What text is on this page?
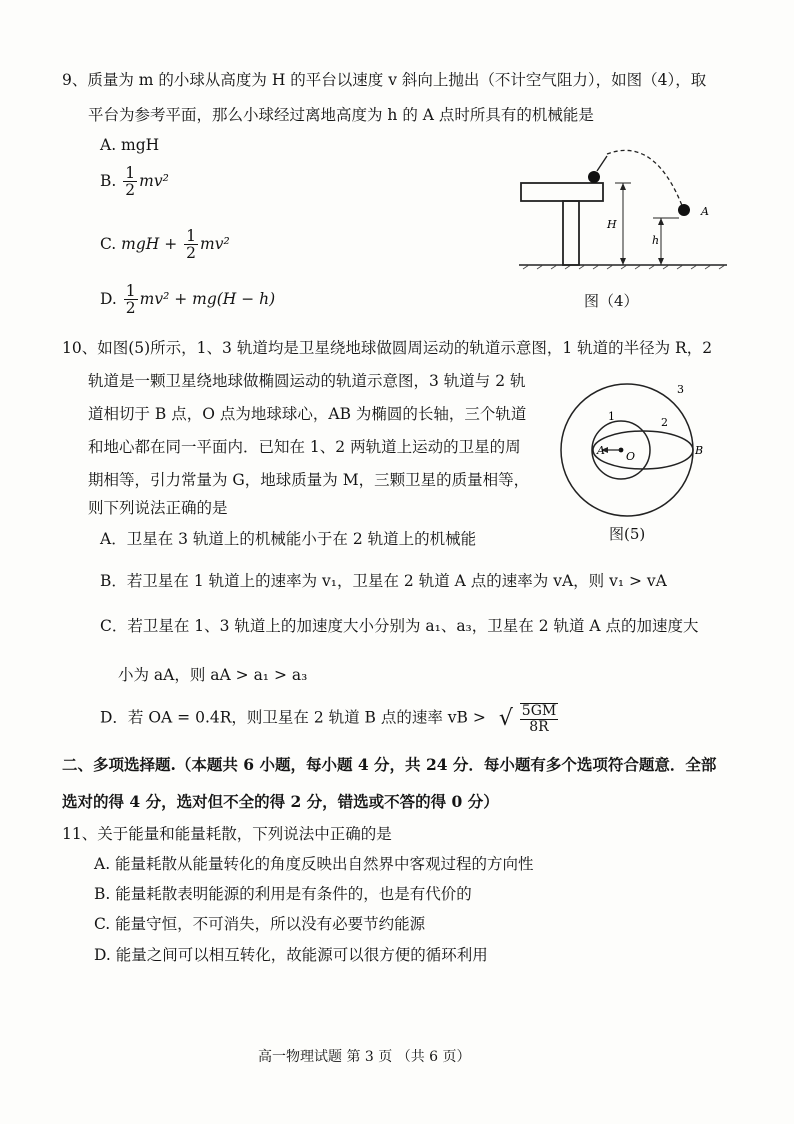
9、质量为 m 的小球从高度为 H 的平台以速度 v 斜向上抛出（不计空气阻力），如图（4），取
平台为参考平面，那么小球经过离地高度为 h 的 A 点时所具有的机械能是
A. mgH
B. $\frac{1}{2} mv^2$
C. mgH + $\frac{1}{2} mv^2$
D. $\frac{1}{2} mv^2 + mg(H - h)$
H
h
A
图（4）
10、如图(5)所示，1、3 轨道均是卫星绕地球做圆周运动的轨道示意图，1 轨道的半径为 R，2
轨道是一颗卫星绕地球做椭圆运动的轨道示意图，3 轨道与 2 轨
道相切于 B 点，O 点为地球球心，AB 为椭圆的长轴，三个轨道
和地心都在同一平面内．已知在 1、2 两轨道上运动的卫星的周
期相等，引力常量为 G，地球质量为 M，三颗卫星的质量相等，
则下列说法正确的是
1	2
3
A O	B
图(5)
A．卫星在 3 轨道上的机械能小于在 2 轨道上的机械能
B．若卫星在 1 轨道上的速率为 v₁，卫星在 2 轨道 A 点的速率为 vA，则 v₁ > vA
C．若卫星在 1、3 轨道上的加速度大小分别为 a₁、a₃，卫星在 2 轨道 A 点的加速度大
小为 aA，则 aA > a₁ > a₃
D．若 OA = 0.4R，则卫星在 2 轨道 B 点的速率 vB > √ $\frac{5GM}{8R}$
二、多项选择题.（本题共 6 小题，每小题 4 分，共 24 分．每小题有多个选项符合题意．全部
选对的得 4 分，选对但不全的得 2 分，错选或不答的得 0 分）
11、关于能量和能量耗散，下列说法中正确的是
A. 能量耗散从能量转化的角度反映出自然界中客观过程的方向性
B. 能量耗散表明能源的利用是有条件的，也是有代价的
C. 能量守恒，不可消失，所以没有必要节约能源
D. 能量之间可以相互转化，故能源可以很方便的循环利用
高一物理试题 第 3 页 （共 6 页）
